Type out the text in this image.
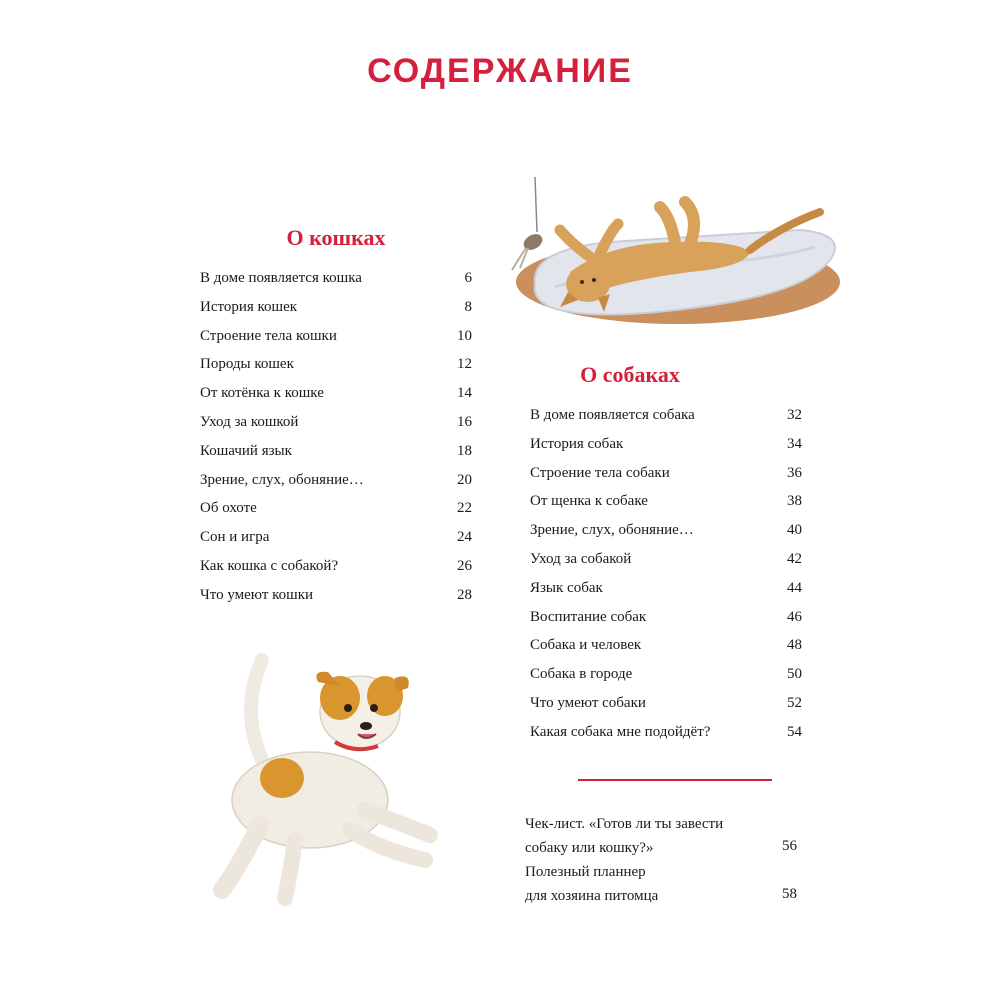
СОДЕРЖАНИЕ
О кошках
В доме появляется кошка	6
История кошек	8
Строение тела кошки	10
Породы кошек	12
От котёнка к кошке	14
Уход за кошкой	16
Кошачий язык	18
Зрение, слух, обоняние…	20
Об охоте	22
Сон и игра	24
Как кошка с собакой?	26
Что умеют кошки	28
О собаках
В доме появляется собака	32
История собак	34
Строение тела собаки	36
От щенка к собаке	38
Зрение, слух, обоняние…	40
Уход за собакой	42
Язык собак	44
Воспитание собак	46
Собака и человек	48
Собака в городе	50
Что умеют собаки	52
Какая собака мне подойдёт?	54
Чек-лист. «Готов ли ты завести
собаку или кошку?»	56
Полезный планнер
для хозяина питомца	58
